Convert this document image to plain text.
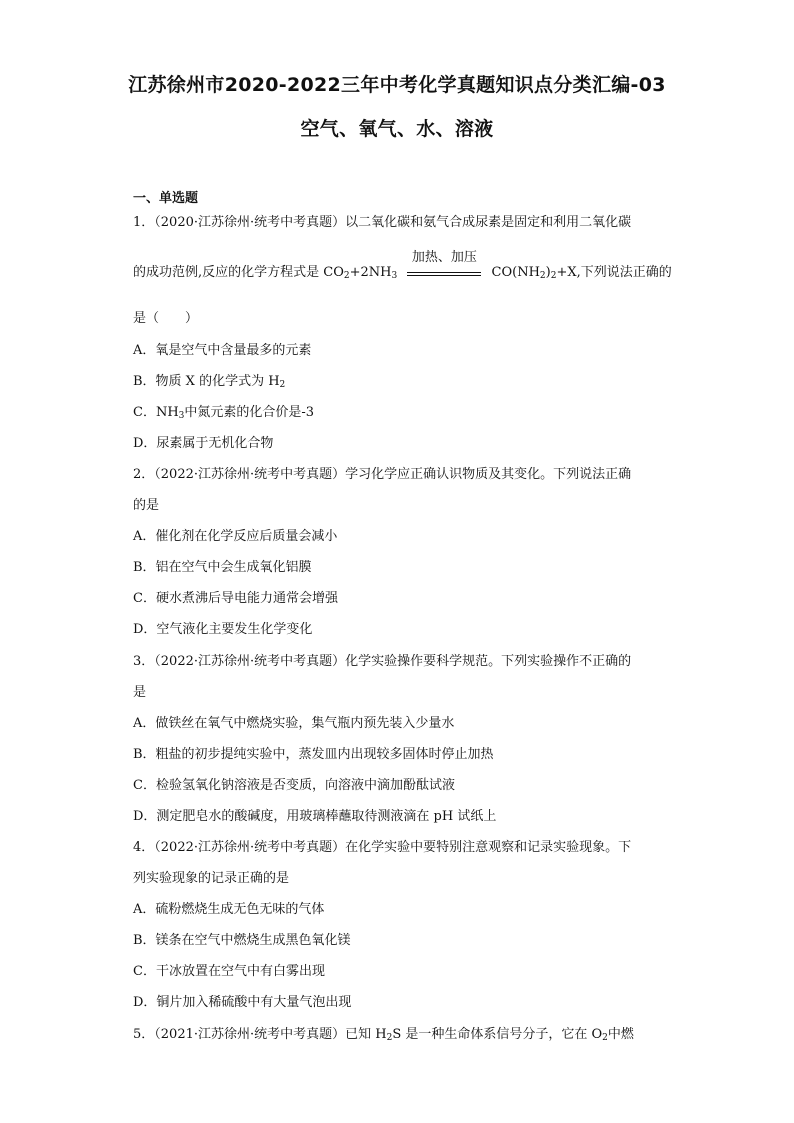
江苏徐州市2020-2022三年中考化学真题知识点分类汇编-03
空气、氧气、水、溶液
一、单选题
1．（2020·江苏徐州·统考中考真题）以二氧化碳和氨气合成尿素是固定和利用二氧化碳
的成功范例,反应的化学方程式是 $CO_2+2NH_3$
加热、加压
$CO(NH_2)_2+X$,下列说法正确的
是（　　）
A．氧是空气中含量最多的元素
B．物质 X 的化学式为 $H_2$
C．$NH_3$中氮元素的化合价是-3
D．尿素属于无机化合物
2．（2022·江苏徐州·统考中考真题）学习化学应正确认识物质及其变化。下列说法正确
的是
A．催化剂在化学反应后质量会减小
B．铝在空气中会生成氧化铝膜
C．硬水煮沸后导电能力通常会增强
D．空气液化主要发生化学变化
3．（2022·江苏徐州·统考中考真题）化学实验操作要科学规范。下列实验操作不正确的
是
A．做铁丝在氧气中燃烧实验，集气瓶内预先装入少量水
B．粗盐的初步提纯实验中，蒸发皿内出现较多固体时停止加热
C．检验氢氧化钠溶液是否变质，向溶液中滴加酚酞试液
D．测定肥皂水的酸碱度，用玻璃棒蘸取待测液滴在 pH 试纸上
4．（2022·江苏徐州·统考中考真题）在化学实验中要特别注意观察和记录实验现象。下
列实验现象的记录正确的是
A．硫粉燃烧生成无色无味的气体
B．镁条在空气中燃烧生成黑色氧化镁
C．干冰放置在空气中有白雾出现
D．铜片加入稀硫酸中有大量气泡出现
5．（2021·江苏徐州·统考中考真题）已知 $H_2S$ 是一种生命体系信号分子，它在 $O_2$中燃
